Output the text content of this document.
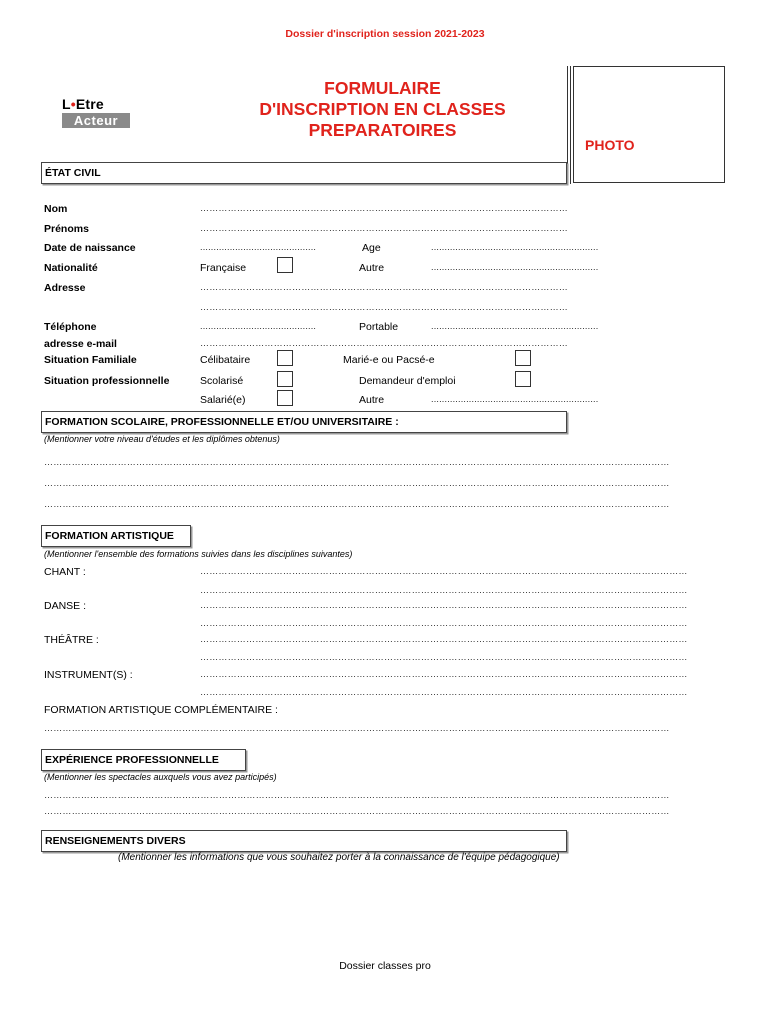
Dossier d'inscription session 2021-2023
L•Etre
Acteur
FORMULAIRE
D'INSCRIPTION EN CLASSES
PREPARATOIRES
PHOTO
ÉTAT CIVIL
Nom	…………………………………………………………………………………………………………
Prénoms	…………………………………………………………………………………………………………
Date de naissance	...........................................	Age	..............................................................
Nationalité	Française	Autre	..............................................................
Adresse	…………………………………………………………………………………………………………
…………………………………………………………………………………………………………
Téléphone	...........................................	Portable	..............................................................
adresse e-mail	…………………………………………………………………………………………………………
Situation Familiale	Célibataire	Marié-e ou Pacsé-e
Situation professionnelle	Scolarisé	Demandeur d'emploi
Salarié(e)	Autre	..............................................................
FORMATION SCOLAIRE, PROFESSIONNELLE ET/OU UNIVERSITAIRE :
(Mentionner votre niveau d'études et les diplômes obtenus)
……………………………………………………………………………………………………………………………………………………………………………………
……………………………………………………………………………………………………………………………………………………………………………………
……………………………………………………………………………………………………………………………………………………………………………………
FORMATION ARTISTIQUE
(Mentionner l'ensemble des formations suivies dans les disciplines suivantes)
CHANT :	……………………………………………………………………………………………………………………………………………
……………………………………………………………………………………………………………………………………………
DANSE :	……………………………………………………………………………………………………………………………………………
……………………………………………………………………………………………………………………………………………
THÉÂTRE :	……………………………………………………………………………………………………………………………………………
……………………………………………………………………………………………………………………………………………
INSTRUMENT(S) :	……………………………………………………………………………………………………………………………………………
……………………………………………………………………………………………………………………………………………
FORMATION ARTISTIQUE COMPLÉMENTAIRE :
……………………………………………………………………………………………………………………………………………………………………………………
EXPÉRIENCE PROFESSIONNELLE
(Mentionner les spectacles auxquels vous avez participés)
……………………………………………………………………………………………………………………………………………………………………………………
……………………………………………………………………………………………………………………………………………………………………………………
RENSEIGNEMENTS DIVERS
(Mentionner les informations que vous souhaitez porter à la connaissance de l'équipe pédagogique)
Dossier classes pro
